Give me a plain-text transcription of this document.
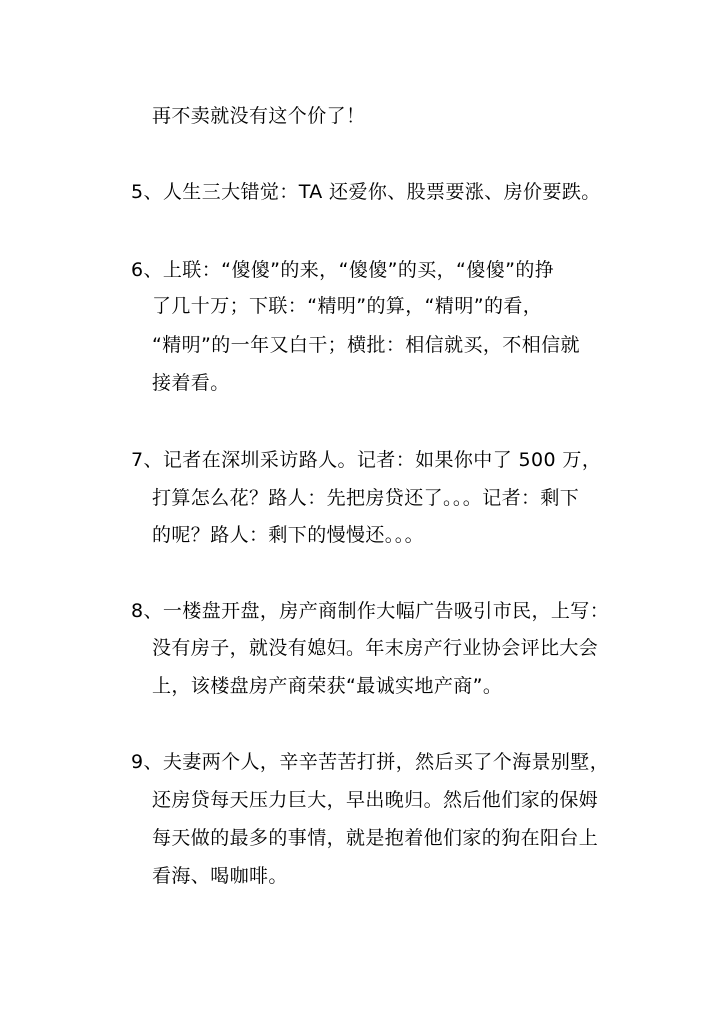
再不卖就没有这个价了！
5、人生三大错觉：TA 还爱你、股票要涨、房价要跌。
6、上联：“傻傻”的来，“傻傻”的买，“傻傻”的挣
了几十万；下联：“精明”的算，“精明”的看，
“精明”的一年又白干；横批：相信就买，不相信就
接着看。
7、记者在深圳采访路人。记者：如果你中了 500 万，
打算怎么花？路人：先把房贷还了。。。记者：剩下
的呢？路人：剩下的慢慢还。。。
8、一楼盘开盘，房产商制作大幅广告吸引市民，上写：
没有房子，就没有媳妇。年末房产行业协会评比大会
上，该楼盘房产商荣获“最诚实地产商”。
9、夫妻两个人，辛辛苦苦打拼，然后买了个海景别墅，
还房贷每天压力巨大，早出晚归。然后他们家的保姆
每天做的最多的事情，就是抱着他们家的狗在阳台上
看海、喝咖啡。
